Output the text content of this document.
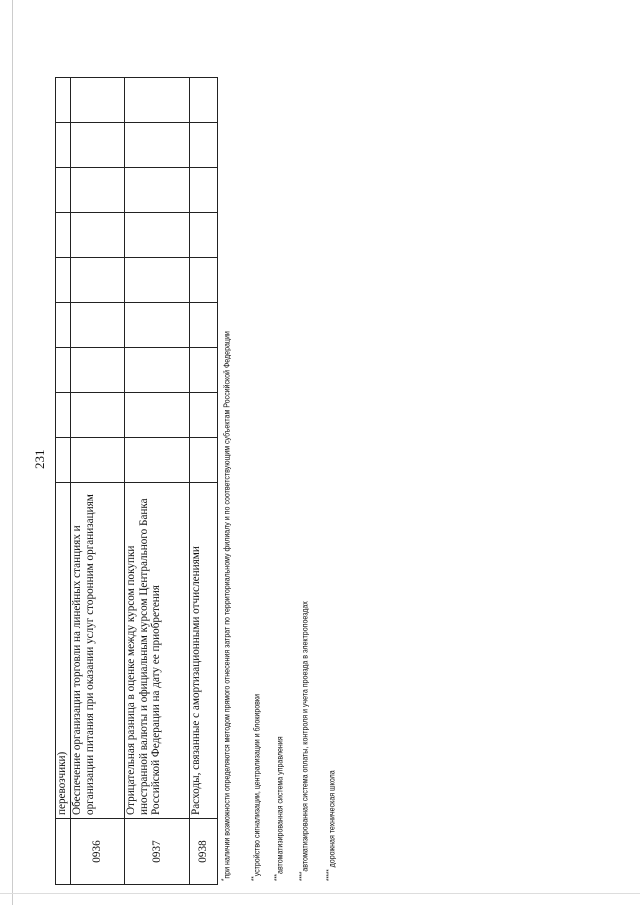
231
	перевозчики)									
0936	Обеспечение организации торговли на линейных станциях и организации питания при оказании услуг сторонним организациям									
0937	Отрицательная разница в оценке между курсом покупки иностранной валюты и официальным курсом Центрального Банка Российской Федерации на дату ее приобретения									
0938	Расходы, связанные с амортизационными отчислениями									
*при наличии возможности определяются методом прямого отнесения затрат по территориальному филиалу и по соответствующим субъектам Российской Федерации
**устройство сигнализации, централизации и блокировки
***автоматизированная система управления
****автоматизированная система оплаты, контроля и учета проезда в электропоездах
***** дорожная техническая школа
